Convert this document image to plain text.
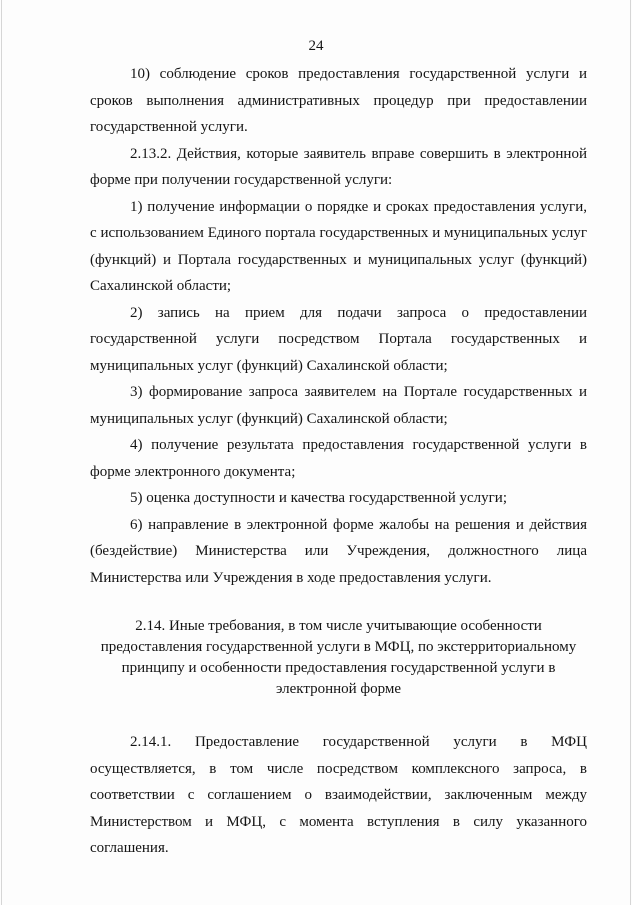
24

10) соблюдение сроков предоставления государственной услуги и сроков выполнения административных процедур при предоставлении государственной услуги.

2.13.2. Действия, которые заявитель вправе совершить в электронной форме при получении государственной услуги:

1) получение информации о порядке и сроках предоставления услуги, с использованием Единого портала государственных и муниципальных услуг (функций) и Портала государственных и муниципальных услуг (функций) Сахалинской области;

2) запись на прием для подачи запроса о предоставлении государственной услуги посредством Портала государственных и муниципальных услуг (функций) Сахалинской области;

3) формирование запроса заявителем на Портале государственных и муниципальных услуг (функций) Сахалинской области;

4) получение результата предоставления государственной услуги в форме электронного документа;

5) оценка доступности и качества государственной услуги;

6) направление в электронной форме жалобы на решения и действия (бездействие) Министерства или Учреждения, должностного лица Министерства или Учреждения в ходе предоставления услуги.

2.14. Иные требования, в том числе учитывающие особенности предоставления государственной услуги в МФЦ, по экстерриториальному принципу и особенности предоставления государственной услуги в электронной форме

2.14.1. Предоставление государственной услуги в МФЦ осуществляется, в том числе посредством комплексного запроса, в соответствии с соглашением о взаимодействии, заключенным между Министерством и МФЦ, с момента вступления в силу указанного соглашения.
